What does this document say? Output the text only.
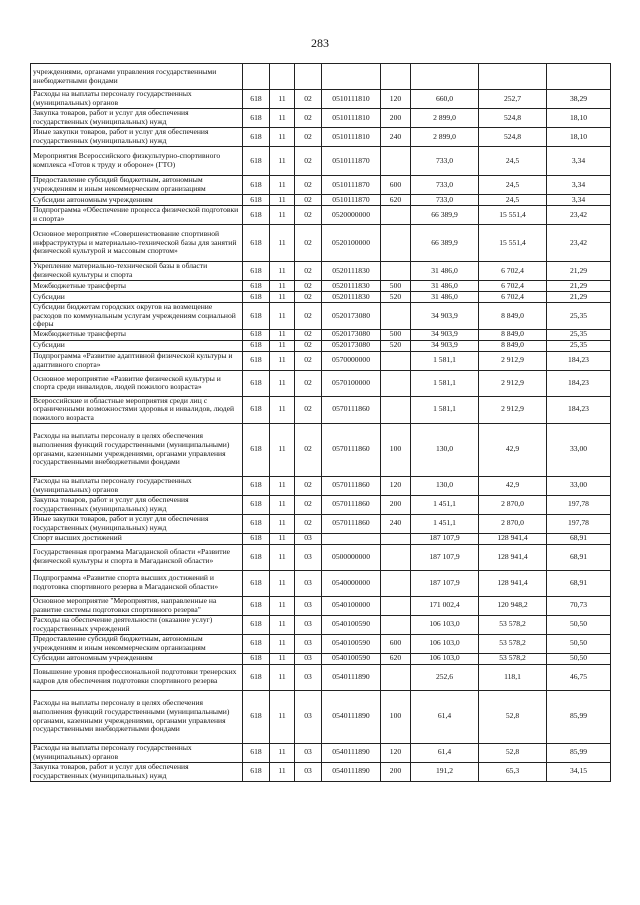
283
учреждениями, органами управления государственными внебюджетными фондами								
Расходы на выплаты персоналу государственных (муниципальных) органов	618	11	02	0510111810	120	660,0	252,7	38,29
Закупка товаров, работ и услуг для обеспечения государственных (муниципальных) нужд	618	11	02	0510111810	200	2 899,0	524,8	18,10
Иные закупки товаров, работ и услуг для обеспечения государственных (муниципальных) нужд	618	11	02	0510111810	240	2 899,0	524,8	18,10
Мероприятия Всероссийского физкультурно-спортивного комплекса «Готов к труду и обороне» (ГТО)	618	11	02	0510111870		733,0	24,5	3,34
Предоставление субсидий бюджетным, автономным учреждениям и иным некоммерческим организациям	618	11	02	0510111870	600	733,0	24,5	3,34
Субсидии автономным учреждениям	618	11	02	0510111870	620	733,0	24,5	3,34
Подпрограмма «Обеспечение процесса физической подготовки и спорта»	618	11	02	0520000000		66 389,9	15 551,4	23,42
Основное мероприятие «Совершенствование спортивной инфраструктуры и материально-технической базы для занятий физической культурой и массовым спортом»	618	11	02	0520100000		66 389,9	15 551,4	23,42
Укрепление материально-технической базы в области физической культуры и спорта	618	11	02	0520111830		31 486,0	6 702,4	21,29
Межбюджетные трансферты	618	11	02	0520111830	500	31 486,0	6 702,4	21,29
Субсидии	618	11	02	0520111830	520	31 486,0	6 702,4	21,29
Субсидии бюджетам городских округов на возмещение расходов по коммунальным услугам учреждениям социальной сферы	618	11	02	0520173080		34 903,9	8 849,0	25,35
Межбюджетные трансферты	618	11	02	0520173080	500	34 903,9	8 849,0	25,35
Субсидии	618	11	02	0520173080	520	34 903,9	8 849,0	25,35
Подпрограмма «Развитие адаптивной физической культуры и адаптивного спорта»	618	11	02	0570000000		1 581,1	2 912,9	184,23
Основное мероприятие «Развитие физической культуры и спорта среди инвалидов, людей пожилого возраста»	618	11	02	0570100000		1 581,1	2 912,9	184,23
Всероссийские и областные мероприятия среди лиц с ограниченными возможностями здоровья и инвалидов, людей пожилого возраста	618	11	02	0570111860		1 581,1	2 912,9	184,23
Расходы на выплаты персоналу в целях обеспечения выполнения функций государственными (муниципальными) органами, казенными учреждениями, органами управления государственными внебюджетными фондами	618	11	02	0570111860	100	130,0	42,9	33,00
Расходы на выплаты персоналу государственных (муниципальных) органов	618	11	02	0570111860	120	130,0	42,9	33,00
Закупка товаров, работ и услуг для обеспечения государственных (муниципальных) нужд	618	11	02	0570111860	200	1 451,1	2 870,0	197,78
Иные закупки товаров, работ и услуг для обеспечения государственных (муниципальных) нужд	618	11	02	0570111860	240	1 451,1	2 870,0	197,78
Спорт высших достижений	618	11	03			187 107,9	128 941,4	68,91
Государственная программа Магаданской области «Развитие физической культуры и спорта в Магаданской области»	618	11	03	0500000000		187 107,9	128 941,4	68,91
Подпрограмма «Развитие спорта высших достижений и подготовка спортивного резерва в Магаданской области»	618	11	03	0540000000		187 107,9	128 941,4	68,91
Основное мероприятие "Мероприятия, направленные на развитие системы подготовки спортивного резерва"	618	11	03	0540100000		171 002,4	120 948,2	70,73
Расходы на обеспечение деятельности (оказание услуг) государственных учреждений	618	11	03	0540100590		106 103,0	53 578,2	50,50
Предоставление субсидий бюджетным, автономным учреждениям и иным некоммерческим организациям	618	11	03	0540100590	600	106 103,0	53 578,2	50,50
Субсидии автономным учреждениям	618	11	03	0540100590	620	106 103,0	53 578,2	50,50
Повышение уровня профессиональной подготовки тренерских кадров для обеспечения подготовки спортивного резерва	618	11	03	0540111890		252,6	118,1	46,75
Расходы на выплаты персоналу в целях обеспечения выполнения функций государственными (муниципальными) органами, казенными учреждениями, органами управления государственными внебюджетными фондами	618	11	03	0540111890	100	61,4	52,8	85,99
Расходы на выплаты персоналу государственных (муниципальных) органов	618	11	03	0540111890	120	61,4	52,8	85,99
Закупка товаров, работ и услуг для обеспечения государственных (муниципальных) нужд	618	11	03	0540111890	200	191,2	65,3	34,15
